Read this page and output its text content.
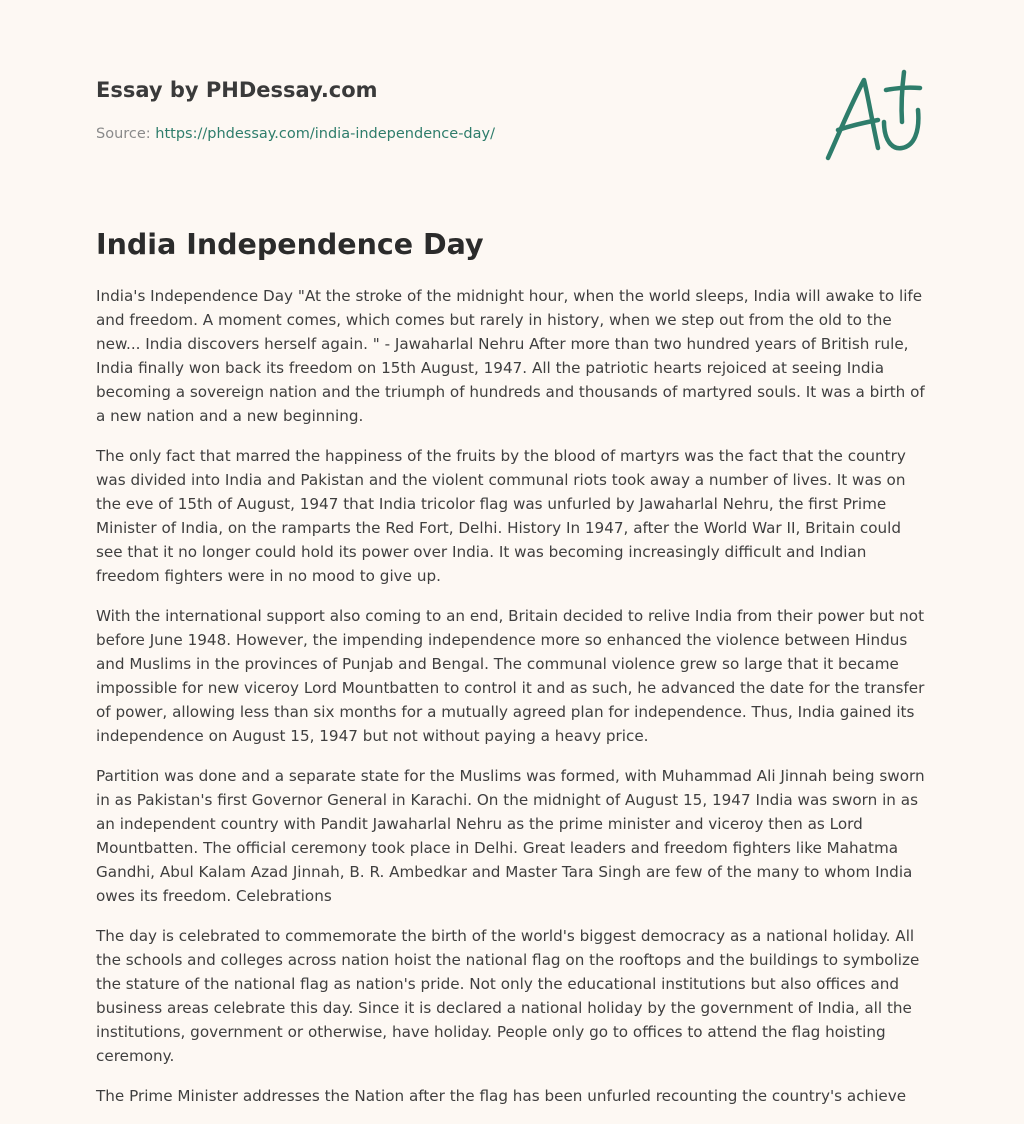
Essay by PHDessay.com
Source: https://phdessay.com/india-independence-day/
India Independence Day

India's Independence Day "At the stroke of the midnight hour, when the world sleeps, India will awake to life and freedom. A moment comes, which comes but rarely in history, when we step out from the old to the new... India discovers herself again. " - Jawaharlal Nehru After more than two hundred years of British rule, India finally won back its freedom on 15th August, 1947. All the patriotic hearts rejoiced at seeing India becoming a sovereign nation and the triumph of hundreds and thousands of martyred souls. It was a birth of a new nation and a new beginning.

The only fact that marred the happiness of the fruits by the blood of martyrs was the fact that the country was divided into India and Pakistan and the violent communal riots took away a number of lives. It was on the eve of 15th of August, 1947 that India tricolor flag was unfurled by Jawaharlal Nehru, the first Prime Minister of India, on the ramparts the Red Fort, Delhi. History In 1947, after the World War II, Britain could see that it no longer could hold its power over India. It was becoming increasingly difficult and Indian freedom fighters were in no mood to give up.

With the international support also coming to an end, Britain decided to relive India from their power but not before June 1948. However, the impending independence more so enhanced the violence between Hindus and Muslims in the provinces of Punjab and Bengal. The communal violence grew so large that it became impossible for new viceroy Lord Mountbatten to control it and as such, he advanced the date for the transfer of power, allowing less than six months for a mutually agreed plan for independence. Thus, India gained its independence on August 15, 1947 but not without paying a heavy price.

Partition was done and a separate state for the Muslims was formed, with Muhammad Ali Jinnah being sworn in as Pakistan's first Governor General in Karachi. On the midnight of August 15, 1947 India was sworn in as an independent country with Pandit Jawaharlal Nehru as the prime minister and viceroy then as Lord Mountbatten. The official ceremony took place in Delhi. Great leaders and freedom fighters like Mahatma Gandhi, Abul Kalam Azad Jinnah, B. R. Ambedkar and Master Tara Singh are few of the many to whom India owes its freedom. Celebrations

The day is celebrated to commemorate the birth of the world's biggest democracy as a national holiday. All the schools and colleges across nation hoist the national flag on the rooftops and the buildings to symbolize the stature of the national flag as nation's pride. Not only the educational institutions but also offices and business areas celebrate this day. Since it is declared a national holiday by the government of India, all the institutions, government or otherwise, have holiday. People only go to offices to attend the flag hoisting ceremony.

The Prime Minister addresses the Nation after the flag has been unfurled recounting the country's achieve
